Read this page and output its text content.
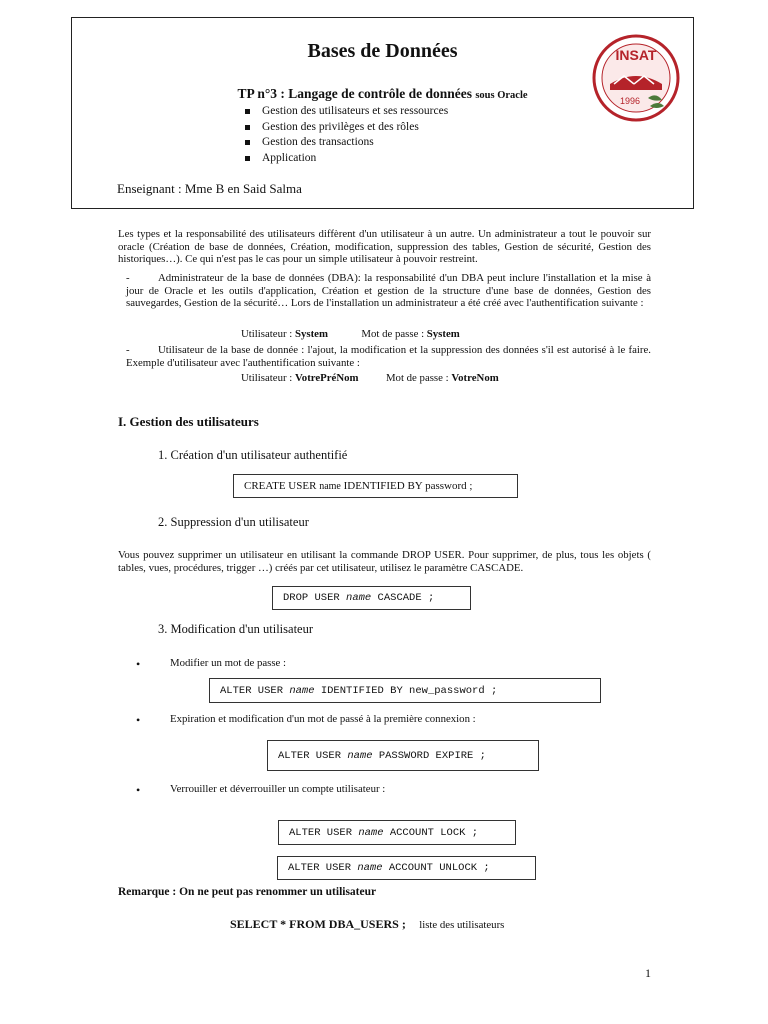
Bases de Données
TP n°3 : Langage de contrôle de données sous Oracle
Gestion des utilisateurs et ses ressources
Gestion des privilèges et des rôles
Gestion des transactions
Application
Enseignant : Mme B en Said Salma
INSAT
1996
Les types et la responsabilité des utilisateurs diffèrent d'un utilisateur à un autre. Un administrateur a tout le pouvoir sur oracle (Création de base de données, Création, modification, suppression des tables, Gestion de sécurité, Gestion des historiques…). Ce qui n'est pas le cas pour un simple utilisateur à pouvoir restreint.
-	Administrateur de la base de données (DBA): la responsabilité d'un DBA peut inclure l'installation et la mise à jour de Oracle et les outils d'application, Création et gestion de la structure d'une base de données, Gestion des sauvegardes, Gestion de la sécurité… Lors de l'installation un administrateur a été créé avec l'authentification suivante :
Utilisateur : System	Mot de passe : System
-	Utilisateur de la base de donnée : l'ajout, la modification et la suppression des données s'il est autorisé à le faire. Exemple d'utilisateur avec l'authentification suivante :
Utilisateur : VotrePréNom	Mot de passe : VotreNom
I. Gestion des utilisateurs
1. Création d'un utilisateur authentifié
CREATE USER name IDENTIFIED BY password ;
2. Suppression d'un utilisateur
Vous pouvez supprimer un utilisateur en utilisant la commande DROP USER. Pour supprimer, de plus, tous les objets ( tables, vues, procédures, trigger …) créés par cet utilisateur, utilisez le paramètre CASCADE.
DROP USER name CASCADE ;
3. Modification d'un utilisateur
•	Modifier un mot de passe :
ALTER USER name IDENTIFIED BY new_password ;
•	Expiration et modification d'un mot de passé à la première connexion :
ALTER USER name PASSWORD EXPIRE ;
•	Verrouiller et déverrouiller un compte utilisateur :
ALTER USER name ACCOUNT LOCK ;
ALTER USER name ACCOUNT UNLOCK ;
Remarque : On ne peut pas renommer un utilisateur
SELECT * FROM DBA_USERS ; liste des utilisateurs
1
